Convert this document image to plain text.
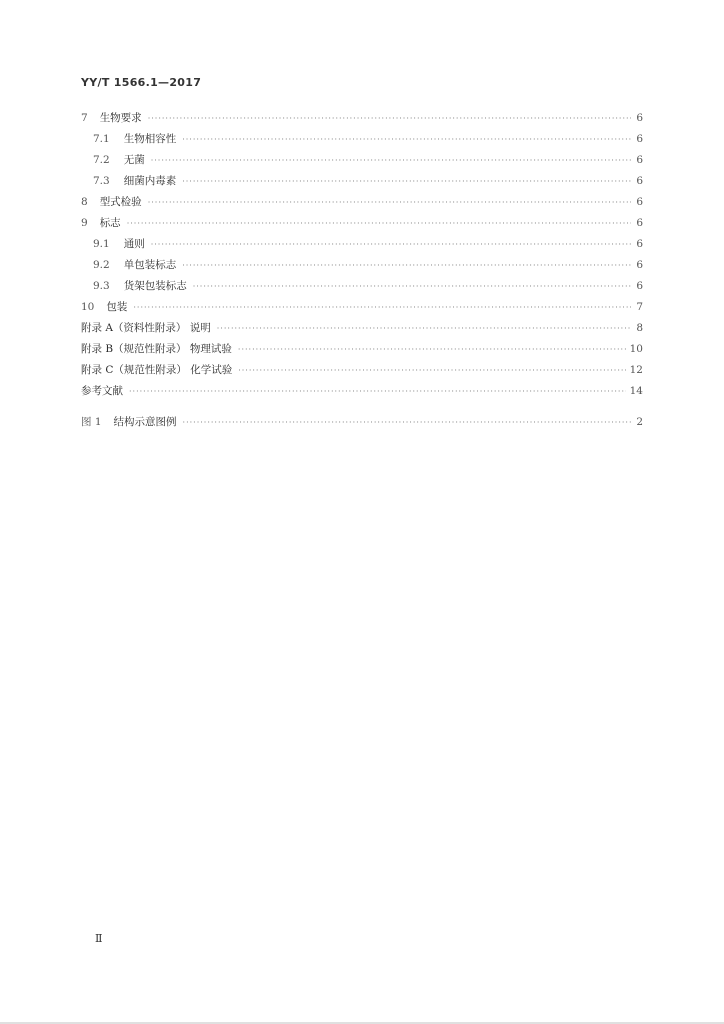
YY/T 1566.1—2017
7 生物要求 ·····	6
7.1 生物相容性 ·····	6
7.2 无菌 ·····	6
7.3 细菌内毒素 ·····	6
8 型式检验 ·····	6
9 标志 ·····	6
9.1 通则 ·····	6
9.2 单包装标志 ·····	6
9.3 货架包装标志 ·····	6
10 包装 ·····	7
附录 A（资料性附录） 说明 ·····	8
附录 B（规范性附录） 物理试验 ·····	10
附录 C（规范性附录） 化学试验 ·····	12
参考文献 ·····	14
图 1 结构示意图例 ·····	2
Ⅱ
